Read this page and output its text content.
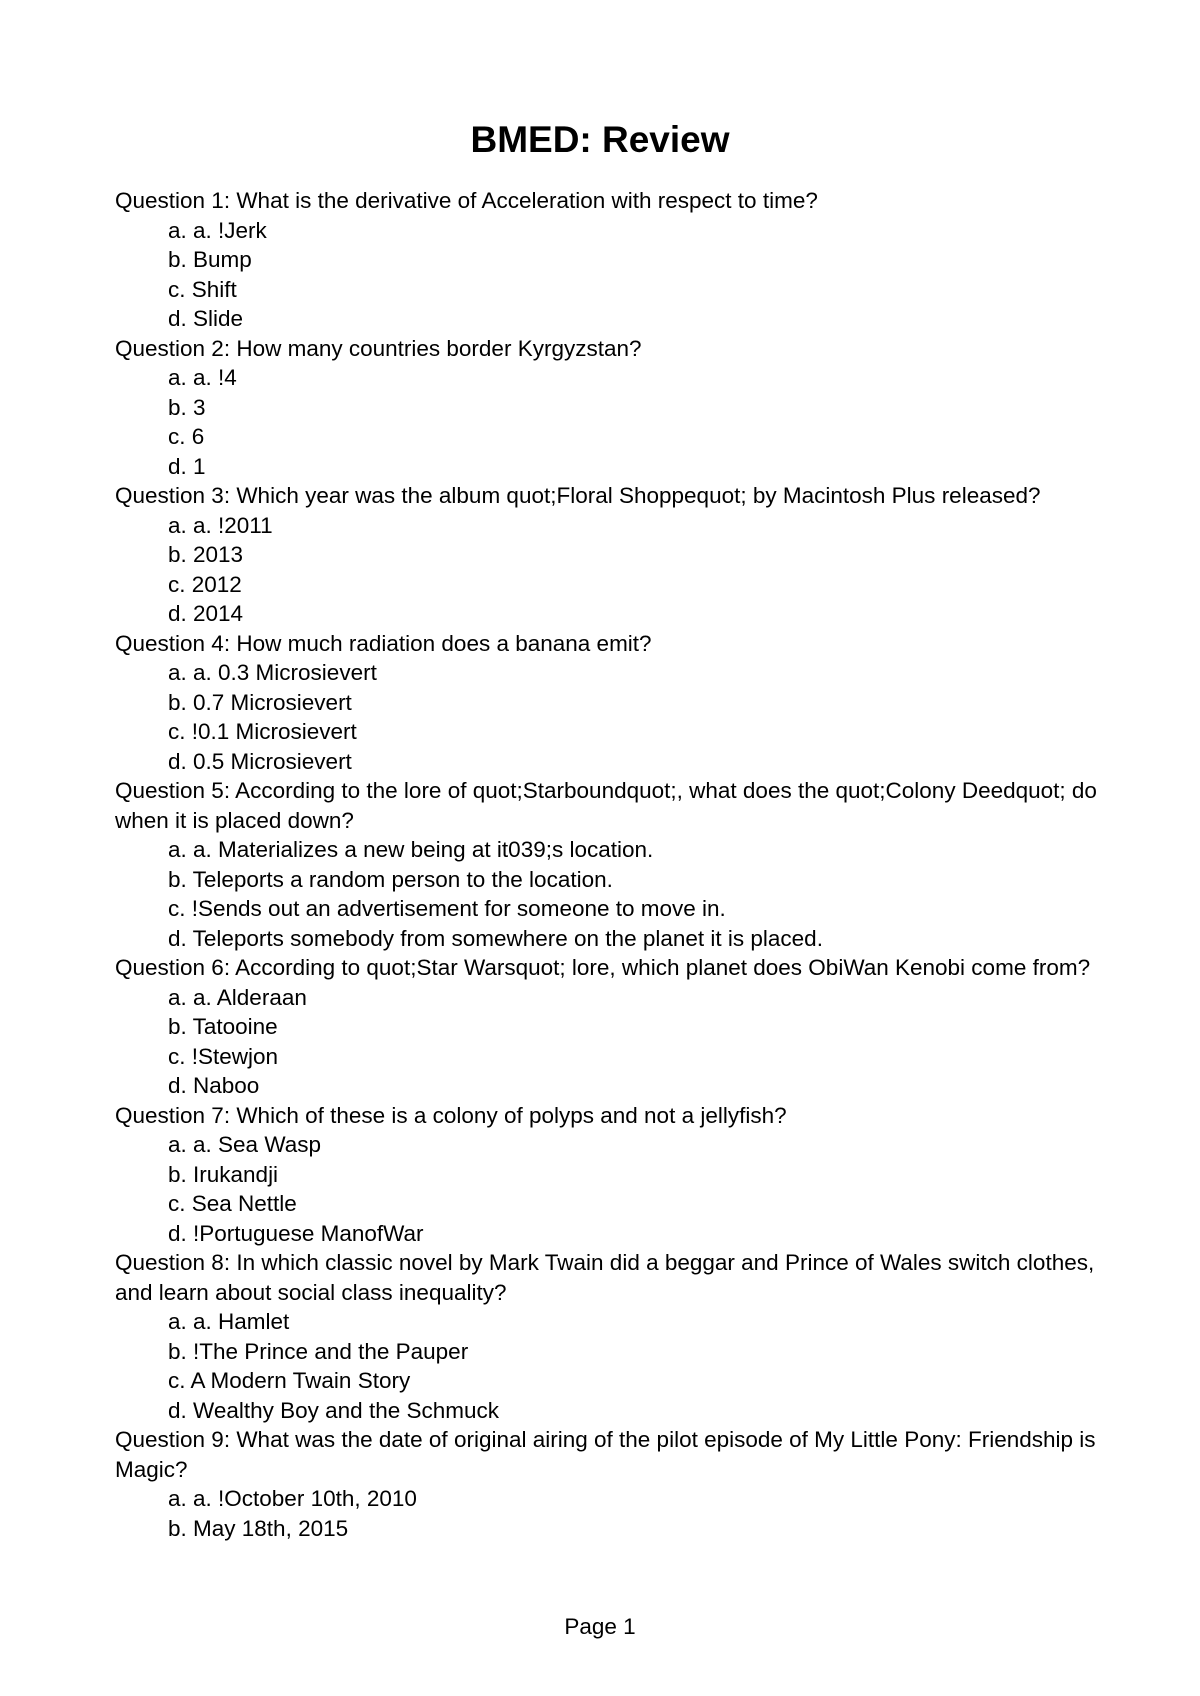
BMED: Review

Question 1: What is the derivative of Acceleration with respect to time?

a. a. !Jerk
b. Bump
c. Shift
d. Slide

Question 2: How many countries border Kyrgyzstan?

a. a. !4
b. 3
c. 6
d. 1

Question 3: Which year was the album quot;Floral Shoppequot; by Macintosh Plus released?

a. a. !2011
b. 2013
c. 2012
d. 2014

Question 4: How much radiation does a banana emit?

a. a. 0.3 Microsievert
b. 0.7 Microsievert
c. !0.1 Microsievert
d. 0.5 Microsievert

Question 5: According to the lore of quot;Starboundquot;, what does the quot;Colony Deedquot; do when it is placed down?

a. a. Materializes a new being at it039;s location.
b. Teleports a random person to the location.
c. !Sends out an advertisement for someone to move in.
d. Teleports somebody from somewhere on the planet it is placed.

Question 6: According to quot;Star Warsquot; lore, which planet does ObiWan Kenobi come from?

a. a. Alderaan
b. Tatooine
c. !Stewjon
d. Naboo

Question 7: Which of these is a colony of polyps and not a jellyfish?

a. a. Sea Wasp
b. Irukandji
c. Sea Nettle
d. !Portuguese ManofWar

Question 8: In which classic novel by Mark Twain did a beggar and Prince of Wales switch clothes, and learn about social class inequality?

a. a. Hamlet
b. !The Prince and the Pauper
c. A Modern Twain Story
d. Wealthy Boy and the Schmuck

Question 9: What was the date of original airing of the pilot episode of My Little Pony: Friendship is Magic?

a. a. !October 10th, 2010
b. May 18th, 2015
Page 1
